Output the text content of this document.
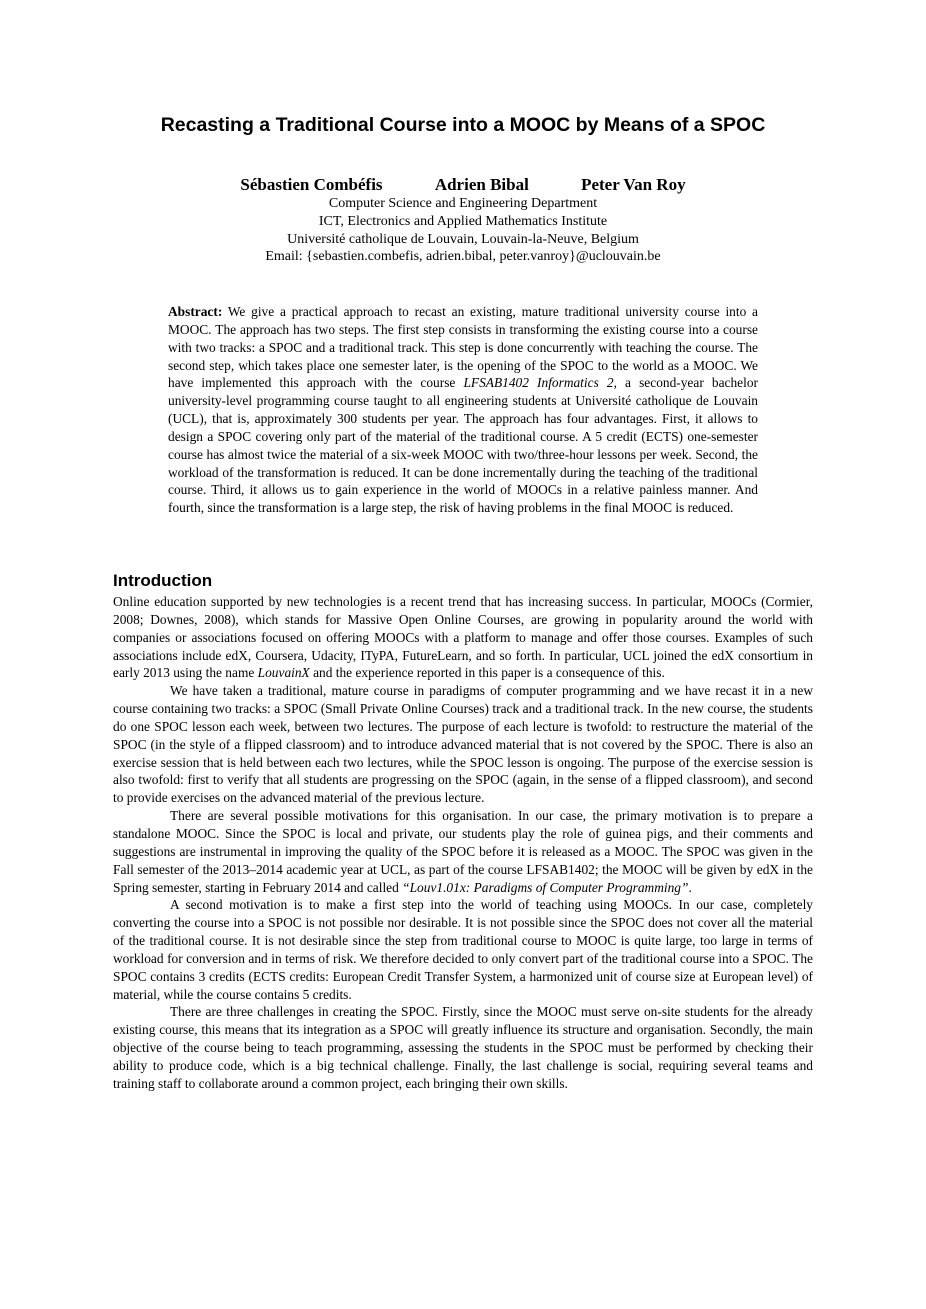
Recasting a Traditional Course into a MOOC by Means of a SPOC
Sébastien Combéfis	Adrien Bibal	Peter Van Roy
Computer Science and Engineering Department
ICT, Electronics and Applied Mathematics Institute
Université catholique de Louvain, Louvain-la-Neuve, Belgium
Email: {sebastien.combefis, adrien.bibal, peter.vanroy}@uclouvain.be
Abstract: We give a practical approach to recast an existing, mature traditional university course into a MOOC. The approach has two steps. The first step consists in transforming the existing course into a course with two tracks: a SPOC and a traditional track. This step is done concurrently with teaching the course. The second step, which takes place one semester later, is the opening of the SPOC to the world as a MOOC. We have implemented this approach with the course LFSAB1402 Informatics 2, a second-year bachelor university-level programming course taught to all engineering students at Université catholique de Louvain (UCL), that is, approximately 300 students per year. The approach has four advantages. First, it allows to design a SPOC covering only part of the material of the traditional course. A 5 credit (ECTS) one-semester course has almost twice the material of a six-week MOOC with two/three-hour lessons per week. Second, the workload of the transformation is reduced. It can be done incrementally during the teaching of the traditional course. Third, it allows us to gain experience in the world of MOOCs in a relative painless manner. And fourth, since the transformation is a large step, the risk of having problems in the final MOOC is reduced.
Introduction

Online education supported by new technologies is a recent trend that has increasing success. In particular, MOOCs (Cormier, 2008; Downes, 2008), which stands for Massive Open Online Courses, are growing in popularity around the world with companies or associations focused on offering MOOCs with a platform to manage and offer those courses. Examples of such associations include edX, Coursera, Udacity, ITyPA, FutureLearn, and so forth. In particular, UCL joined the edX consortium in early 2013 using the name LouvainX and the experience reported in this paper is a consequence of this.

We have taken a traditional, mature course in paradigms of computer programming and we have recast it in a new course containing two tracks: a SPOC (Small Private Online Courses) track and a traditional track. In the new course, the students do one SPOC lesson each week, between two lectures. The purpose of each lecture is twofold: to restructure the material of the SPOC (in the style of a flipped classroom) and to introduce advanced material that is not covered by the SPOC. There is also an exercise session that is held between each two lectures, while the SPOC lesson is ongoing. The purpose of the exercise session is also twofold: first to verify that all students are progressing on the SPOC (again, in the sense of a flipped classroom), and second to provide exercises on the advanced material of the previous lecture.

There are several possible motivations for this organisation. In our case, the primary motivation is to prepare a standalone MOOC. Since the SPOC is local and private, our students play the role of guinea pigs, and their comments and suggestions are instrumental in improving the quality of the SPOC before it is released as a MOOC. The SPOC was given in the Fall semester of the 2013–2014 academic year at UCL, as part of the course LFSAB1402; the MOOC will be given by edX in the Spring semester, starting in February 2014 and called “Louv1.01x: Paradigms of Computer Programming”.

A second motivation is to make a first step into the world of teaching using MOOCs. In our case, completely converting the course into a SPOC is not possible nor desirable. It is not possible since the SPOC does not cover all the material of the traditional course. It is not desirable since the step from traditional course to MOOC is quite large, too large in terms of workload for conversion and in terms of risk. We therefore decided to only convert part of the traditional course into a SPOC. The SPOC contains 3 credits (ECTS credits: European Credit Transfer System, a harmonized unit of course size at European level) of material, while the course contains 5 credits.

There are three challenges in creating the SPOC. Firstly, since the MOOC must serve on-site students for the already existing course, this means that its integration as a SPOC will greatly influence its structure and organisation. Secondly, the main objective of the course being to teach programming, assessing the students in the SPOC must be performed by checking their ability to produce code, which is a big technical challenge. Finally, the last challenge is social, requiring several teams and training staff to collaborate around a common project, each bringing their own skills.
